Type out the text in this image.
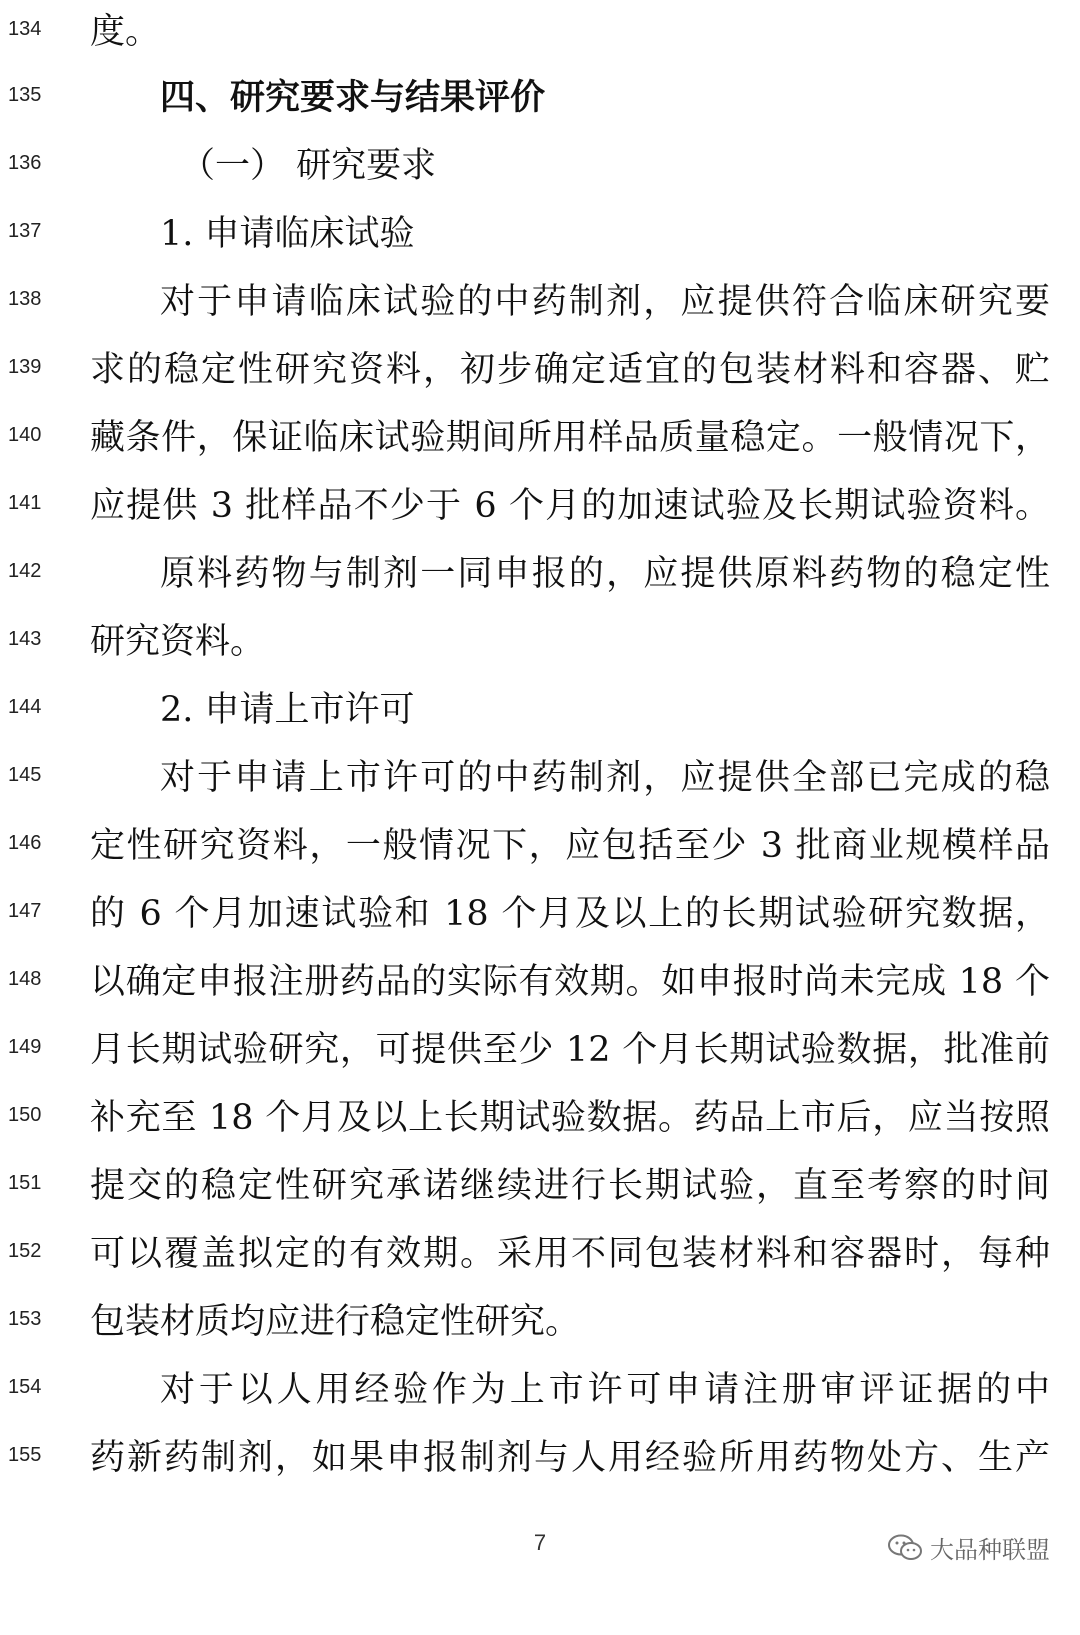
134	度。
135	四、研究要求与结果评价
136	（一） 研究要求
137	1. 申请临床试验
138	对于申请临床试验的中药制剂，应提供符合临床研究要
139	求的稳定性研究资料，初步确定适宜的包装材料和容器、贮
140	藏条件，保证临床试验期间所用样品质量稳定。一般情况下，
141	应提供 3 批样品不少于 6 个月的加速试验及长期试验资料。
142	原料药物与制剂一同申报的，应提供原料药物的稳定性
143	研究资料。
144	2. 申请上市许可
145	对于申请上市许可的中药制剂，应提供全部已完成的稳
146	定性研究资料，一般情况下，应包括至少 3 批商业规模样品
147	的 6 个月加速试验和 18 个月及以上的长期试验研究数据，
148	以确定申报注册药品的实际有效期。如申报时尚未完成 18 个
149	月长期试验研究，可提供至少 12 个月长期试验数据，批准前
150	补充至 18 个月及以上长期试验数据。药品上市后，应当按照
151	提交的稳定性研究承诺继续进行长期试验，直至考察的时间
152	可以覆盖拟定的有效期。采用不同包装材料和容器时，每种
153	包装材质均应进行稳定性研究。
154	对于以人用经验作为上市许可申请注册审评证据的中
155	药新药制剂，如果申报制剂与人用经验所用药物处方、生产
7	大品种联盟
